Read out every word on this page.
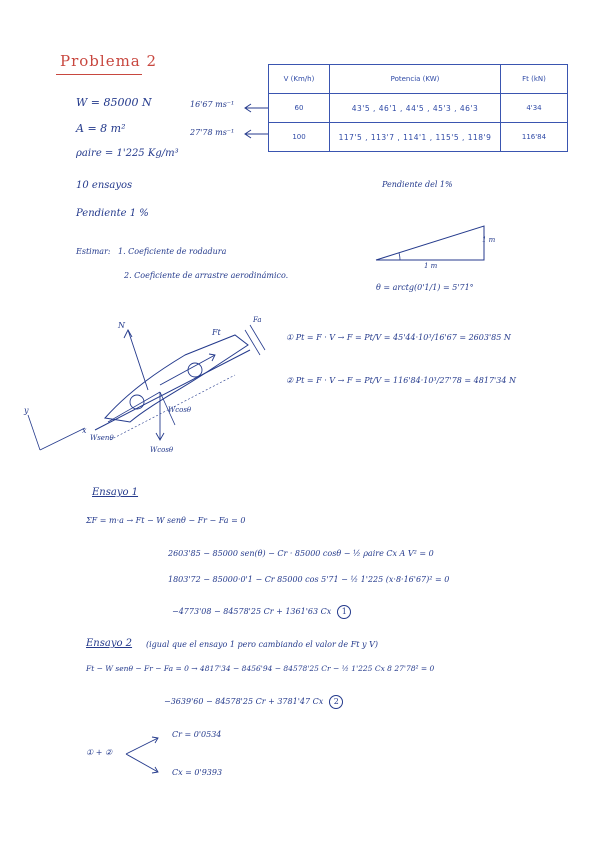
Problema 2
W = 85000 N
A = 8 m²
ρaire = 1'225 Kg/m³
10 ensayos
Pendiente 1 %
16'67 ms⁻¹
27'78 ms⁻¹
V (Km/h)	Potencia (KW)	Ft (kN)
60	43'5 , 46'1 , 44'5 , 45'3 , 46'3	4'34
100	117'5 , 113'7 , 114'1 , 115'5 , 118'9	116'84
Pendiente del 1%
1 m
1 m
θ = arctg(0'1/1) = 5'71°
Estimar: 1. Coeficiente de rodadura
2. Coeficiente de arrastre aerodinámico.
N
Ft
Fa
y
x
Wsenθ
Wcosθ
Wcosθ
① Pt = F · V → F = Pt/V = 45'44·10³/16'67 = 2603'85 N
② Pt = F · V → F = Pt/V = 116'84·10³/27'78 = 4817'34 N
Ensayo 1
ΣF = m·a → Ft − W senθ − Fr − Fa = 0
2603'85 − 85000 sen(θ) − Cr · 85000 cosθ − ½ ρaire Cx A V² = 0
1803'72 − 85000·0'1 − Cr 85000 cos 5'71 − ½ 1'225 (x·8·16'67)² = 0
−4773'08 − 84578'25 Cr + 1361'63 Cx 1
Ensayo 2 (igual que el ensayo 1 pero cambiando el valor de Ft y V)
Ft − W senθ − Fr − Fa = 0 → 4817'34 − 8456'94 − 84578'25 Cr − ½ 1'225 Cx 8 27'78² = 0
−3639'60 − 84578'25 Cr + 3781'47 Cx 2
① + ②
Cr = 0'0534
Cx = 0'9393
